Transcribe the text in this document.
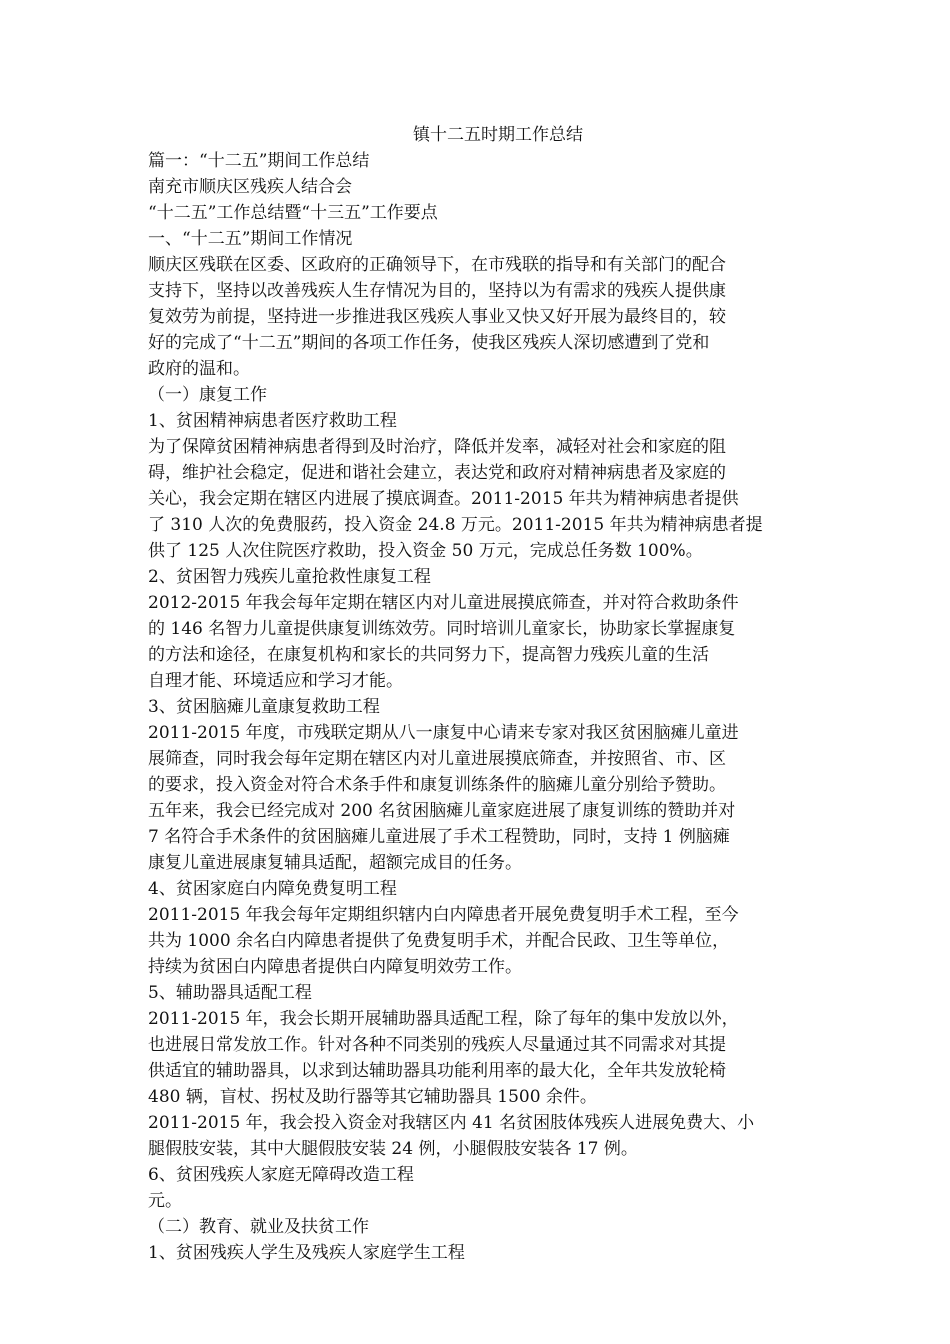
镇十二五时期工作总结

篇一：“十二五”期间工作总结

南充市顺庆区残疾人结合会

“十二五”工作总结暨“十三五”工作要点

一、“十二五”期间工作情况

顺庆区残联在区委、区政府的正确领导下，在市残联的指导和有关部门的配合

支持下，坚持以改善残疾人生存情况为目的，坚持以为有需求的残疾人提供康

复效劳为前提，坚持进一步推进我区残疾人事业又快又好开展为最终目的，较

好的完成了“十二五”期间的各项工作任务，使我区残疾人深切感遭到了党和

政府的温和。

（一）康复工作

1、贫困精神病患者医疗救助工程

为了保障贫困精神病患者得到及时治疗，降低并发率，减轻对社会和家庭的阻

碍，维护社会稳定，促进和谐社会建立，表达党和政府对精神病患者及家庭的

关心，我会定期在辖区内进展了摸底调查。2011-2015 年共为精神病患者提供

了 310 人次的免费服药，投入资金 24.8 万元。2011-2015 年共为精神病患者提

供了 125 人次住院医疗救助，投入资金 50 万元，完成总任务数 100%。

2、贫困智力残疾儿童抢救性康复工程

2012-2015 年我会每年定期在辖区内对儿童进展摸底筛查，并对符合救助条件

的 146 名智力儿童提供康复训练效劳。同时培训儿童家长，协助家长掌握康复

的方法和途径，在康复机构和家长的共同努力下，提高智力残疾儿童的生活

自理才能、环境适应和学习才能。

3、贫困脑瘫儿童康复救助工程

2011-2015 年度，市残联定期从八一康复中心请来专家对我区贫困脑瘫儿童进

展筛查，同时我会每年定期在辖区内对儿童进展摸底筛查，并按照省、市、区

的要求，投入资金对符合术条手件和康复训练条件的脑瘫儿童分别给予赞助。

五年来，我会已经完成对 200 名贫困脑瘫儿童家庭进展了康复训练的赞助并对

7 名符合手术条件的贫困脑瘫儿童进展了手术工程赞助，同时，支持 1 例脑瘫

康复儿童进展康复辅具适配，超额完成目的任务。

4、贫困家庭白内障免费复明工程

2011-2015 年我会每年定期组织辖内白内障患者开展免费复明手术工程，至今

共为 1000 余名白内障患者提供了免费复明手术，并配合民政、卫生等单位，

持续为贫困白内障患者提供白内障复明效劳工作。

5、辅助器具适配工程

2011-2015 年，我会长期开展辅助器具适配工程，除了每年的集中发放以外，

也进展日常发放工作。针对各种不同类别的残疾人尽量通过其不同需求对其提

供适宜的辅助器具，以求到达辅助器具功能利用率的最大化，全年共发放轮椅

480 辆，盲杖、拐杖及助行器等其它辅助器具 1500 余件。

2011-2015 年，我会投入资金对我辖区内 41 名贫困肢体残疾人进展免费大、小

腿假肢安装，其中大腿假肢安装 24 例，小腿假肢安装各 17 例。

6、贫困残疾人家庭无障碍改造工程

元。

（二）教育、就业及扶贫工作

1、贫困残疾人学生及残疾人家庭学生工程
